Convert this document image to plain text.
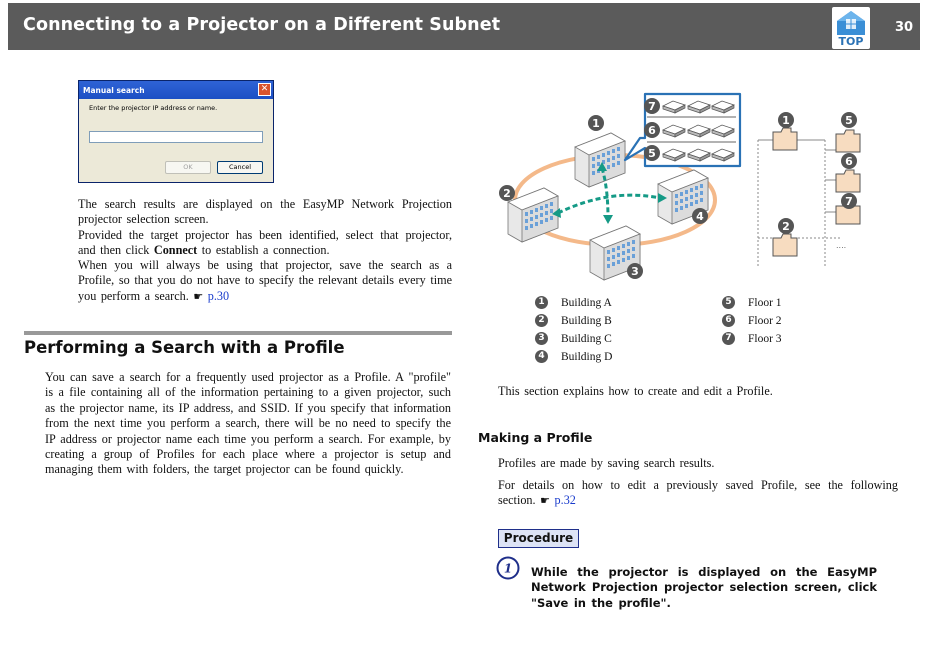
Connecting to a Projector on a Different Subnet
TOP
30
Manual search	✕
Enter the projector IP address or name.
OK	Cancel

The search results are displayed on the EasyMP Network Projection projector selection screen.

Provided the target projector has been identified, select that projector, and then click Connect to establish a connection.

When you will always be using that projector, save the search as a Profile, so that you do not have to specify the relevant details every time you perform a search. ☛ p.30

Performing a Search with a Profile

You can save a search for a frequently used projector as a Profile. A "profile" is a file containing all of the information pertaining to a given projector, such as the projector name, its IP address, and SSID. If you specify that information from the next time you perform a search, there will be no need to specify the IP address or projector name each time you perform a search. For example, by creating a group of Profiles for each place where a projector is setup and managing them with folders, the target projector can be found quickly.

....
1
2
3
4
5
6
7
1
2
5
6
7
1 Building A
2 Building B
3 Building C
4 Building D
5 Floor 1
6 Floor 2
7 Floor 3

This section explains how to create and edit a Profile.

Making a Profile

Profiles are made by saving search results.

For details on how to edit a previously saved Profile, see the following section. ☛ p.32

Procedure
1 While the projector is displayed on the EasyMP Network Projection projector selection screen, click "Save in the profile".
